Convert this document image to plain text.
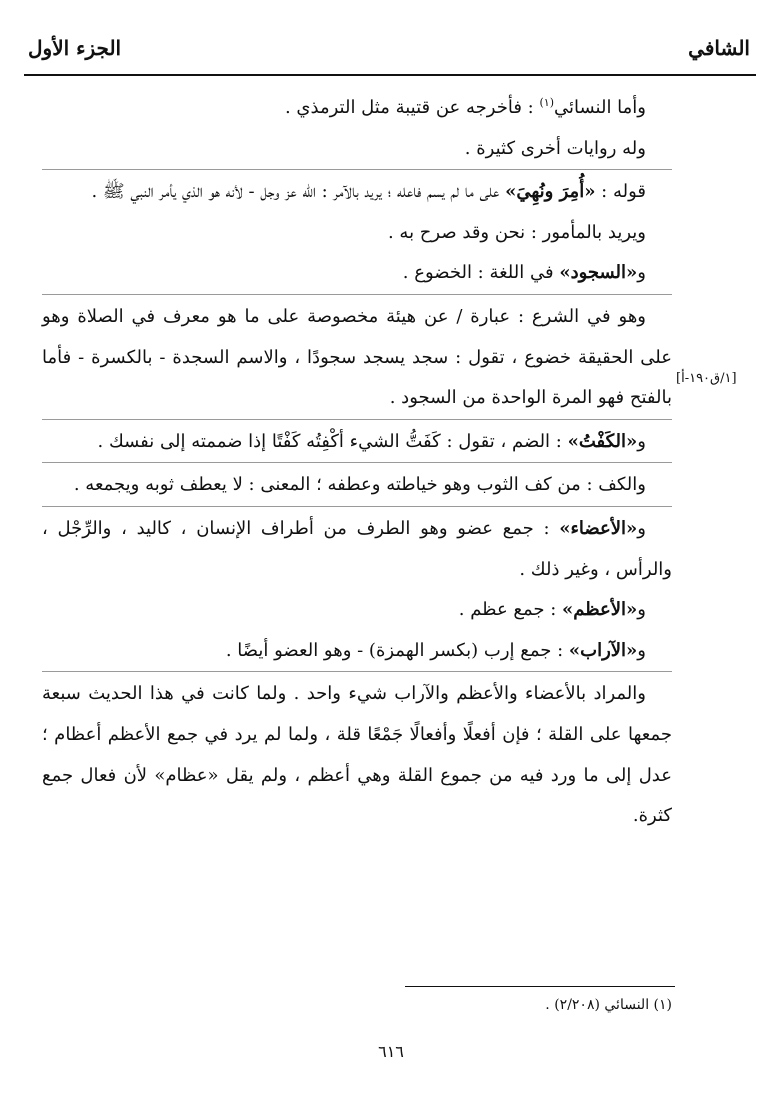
الشافي
الجزء الأول
[١/ق١٩٠-أ]

وأما النسائي$^{(١)}$ : فأخرجه عن قتيبة مثل الترمذي .

وله روايات أخرى كثيرة .

قوله : «أُمِرَ ونُهِيَ» على ما لم يسم فاعله ؛ يريد بالآمر : اللّٰه عز وجل - لأنه هو الذي يأمر النبي ﷺ .

ويريد بالمأمور : نحن وقد صرح به .

و«السجود» في اللغة : الخضوع .

وهو في الشرع : عبارة / عن هيئة مخصوصة على ما هو معرف في الصلاة وهو على الحقيقة خضوع ، تقول : سجد يسجد سجودًا ، والاسم السجدة - بالكسرة - فأما بالفتح فهو المرة الواحدة من السجود .

و«الكَفْتُ» : الضم ، تقول : كَفَتُّ الشيء أكْفِتُه كَفْتًا إذا ضممته إلى نفسك .

والكف : من كف الثوب وهو خياطته وعطفه ؛ المعنى : لا يعطف ثوبه ويجمعه .

و«الأعضاء» : جمع عضو وهو الطرف من أطراف الإنسان ، كاليد ، والرِّجْل ، والرأس ، وغير ذلك .

و«الأعظم» : جمع عظم .

و«الآراب» : جمع إرب (بكسر الهمزة) - وهو العضو أيضًا .

والمراد بالأعضاء والأعظم والآراب شيء واحد . ولما كانت في هذا الحديث سبعة جمعها على القلة ؛ فإن أفعلًا وأفعالًا جَمْعًا قلة ، ولما لم يرد في جمع الأعظم أعظام ؛ عدل إلى ما ورد فيه من جموع القلة وهي أعظم ، ولم يقل «عظام» لأن فعال جمع كثرة.

(١) النسائي (٢/٢٠٨) .
٦١٦
